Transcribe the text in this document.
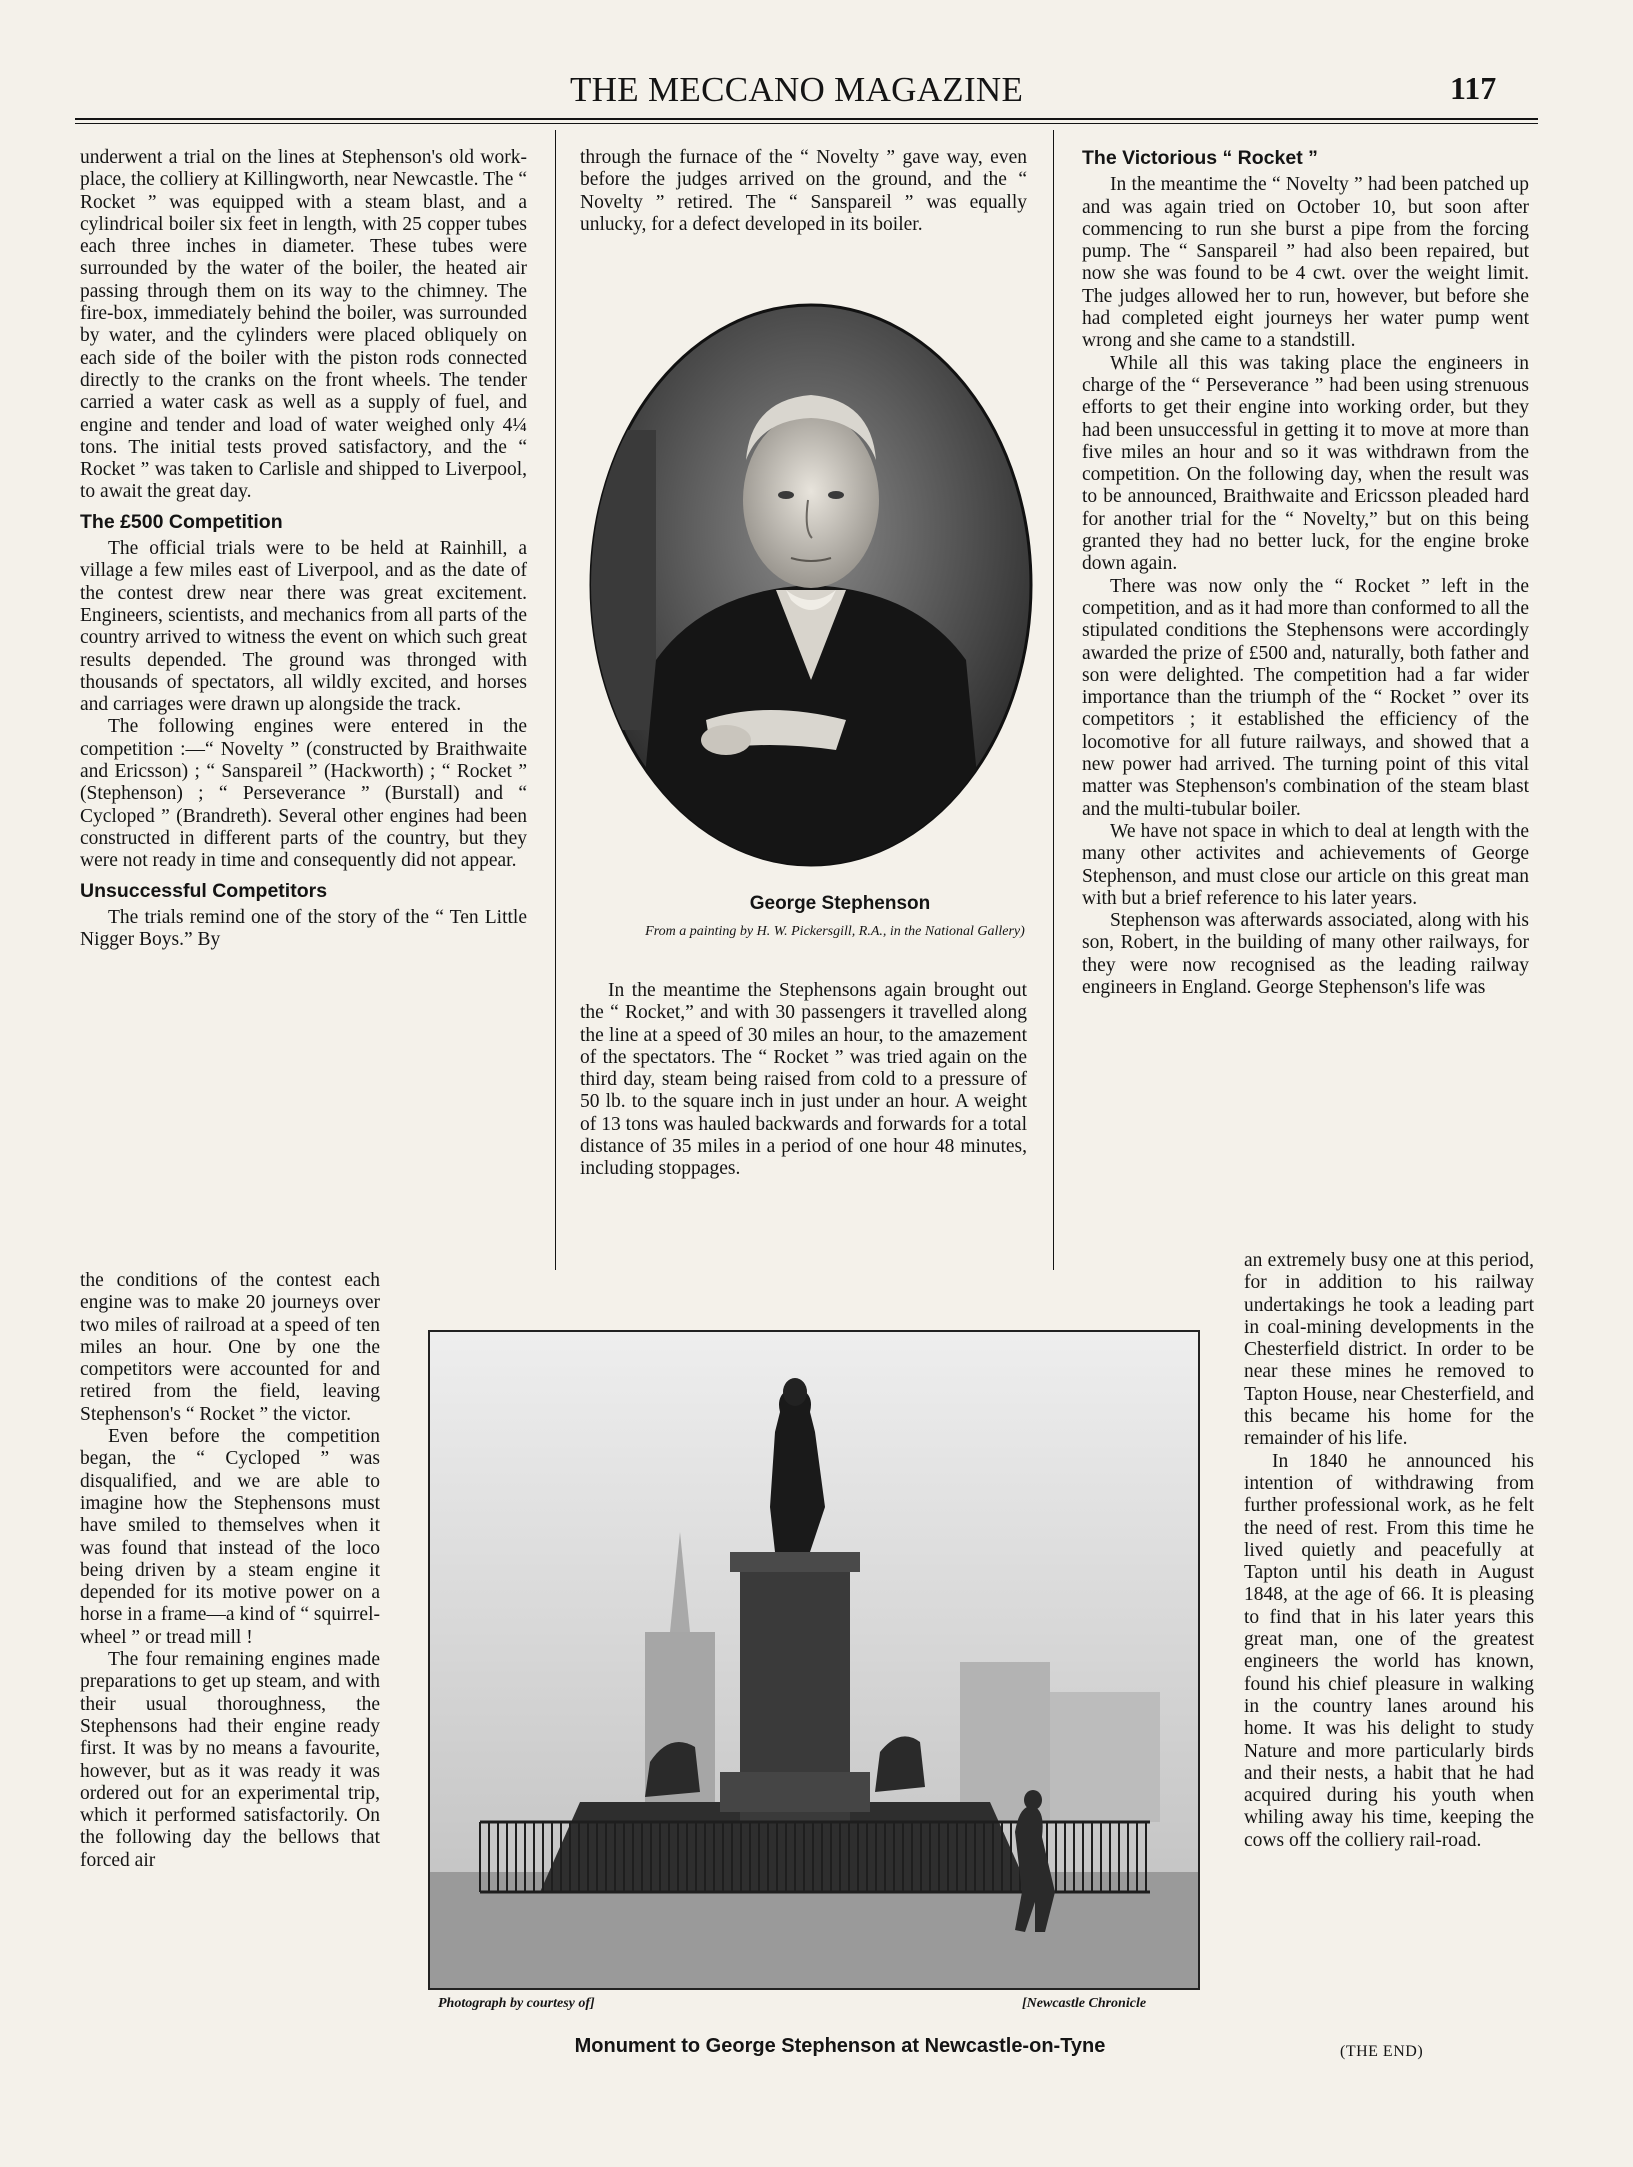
THE MECCANO MAGAZINE	117

underwent a trial on the lines at Stephenson's old work-place, the colliery at Killingworth, near Newcastle. The “ Rocket ” was equipped with a steam blast, and a cylindrical boiler six feet in length, with 25 copper tubes each three inches in diameter. These tubes were surrounded by the water of the boiler, the heated air passing through them on its way to the chimney. The fire-box, immediately behind the boiler, was surrounded by water, and the cylinders were placed obliquely on each side of the boiler with the piston rods connected directly to the cranks on the front wheels. The tender carried a water cask as well as a supply of fuel, and engine and tender and load of water weighed only 4¼ tons. The initial tests proved satisfactory, and the “ Rocket ” was taken to Carlisle and shipped to Liverpool, to await the great day.

The £500 Competition

The official trials were to be held at Rainhill, a village a few miles east of Liverpool, and as the date of the contest drew near there was great excitement. Engineers, scientists, and mechanics from all parts of the country arrived to witness the event on which such great results depended. The ground was thronged with thousands of spectators, all wildly excited, and horses and carriages were drawn up alongside the track.

The following engines were entered in the competition :—“ Novelty ” (constructed by Braithwaite and Ericsson) ; “ Sanspareil ” (Hackworth) ; “ Rocket ” (Stephenson) ; “ Perseverance ” (Burstall) and “ Cycloped ” (Brandreth). Several other engines had been constructed in different parts of the country, but they were not ready in time and consequently did not appear.

Unsuccessful Competitors

The trials remind one of the story of the “ Ten Little Nigger Boys.” By

the conditions of the contest each engine was to make 20 journeys over two miles of railroad at a speed of ten miles an hour. One by one the competitors were accounted for and retired from the field, leaving Stephenson's “ Rocket ” the victor.

Even before the competition began, the “ Cycloped ” was disqualified, and we are able to imagine how the Stephensons must have smiled to themselves when it was found that instead of the loco being driven by a steam engine it depended for its motive power on a horse in a frame—a kind of “ squirrel-wheel ” or tread mill !

The four remaining engines made preparations to get up steam, and with their usual thoroughness, the Stephensons had their engine ready first. It was by no means a favourite, however, but as it was ready it was ordered out for an experimental trip, which it performed satisfactorily. On the following day the bellows that forced air

through the furnace of the “ Novelty ” gave way, even before the judges arrived on the ground, and the “ Novelty ” retired. The “ Sanspareil ” was equally unlucky, for a defect developed in its boiler.

George Stephenson
From a painting by H. W. Pickersgill, R.A., in the National Gallery)

In the meantime the Stephensons again brought out the “ Rocket,” and with 30 passengers it travelled along the line at a speed of 30 miles an hour, to the amazement of the spectators. The “ Rocket ” was tried again on the third day, steam being raised from cold to a pressure of 50 lb. to the square inch in just under an hour. A weight of 13 tons was hauled backwards and forwards for a total distance of 35 miles in a period of one hour 48 minutes, including stoppages.

The Victorious “ Rocket ”

In the meantime the “ Novelty ” had been patched up and was again tried on October 10, but soon after commencing to run she burst a pipe from the forcing pump. The “ Sanspareil ” had also been repaired, but now she was found to be 4 cwt. over the weight limit. The judges allowed her to run, however, but before she had completed eight journeys her water pump went wrong and she came to a standstill.

While all this was taking place the engineers in charge of the “ Perseverance ” had been using strenuous efforts to get their engine into working order, but they had been unsuccessful in getting it to move at more than five miles an hour and so it was withdrawn from the competition. On the following day, when the result was to be announced, Braithwaite and Ericsson pleaded hard for another trial for the “ Novelty,” but on this being granted they had no better luck, for the engine broke down again.

There was now only the “ Rocket ” left in the competition, and as it had more than conformed to all the stipulated conditions the Stephensons were accordingly awarded the prize of £500 and, naturally, both father and son were delighted. The competition had a far wider importance than the triumph of the “ Rocket ” over its competitors ; it established the efficiency of the locomotive for all future railways, and showed that a new power had arrived. The turning point of this vital matter was Stephenson's combination of the steam blast and the multi-tubular boiler.

We have not space in which to deal at length with the many other activites and achievements of George Stephenson, and must close our article on this great man with but a brief reference to his later years.

Stephenson was afterwards associated, along with his son, Robert, in the building of many other railways, for they were now recognised as the leading railway engineers in England. George Stephenson's life was

an extremely busy one at this period, for in addition to his railway undertakings he took a leading part in coal-mining developments in the Chesterfield district. In order to be near these mines he removed to Tapton House, near Chesterfield, and this became his home for the remainder of his life.

In 1840 he announced his intention of withdrawing from further professional work, as he felt the need of rest. From this time he lived quietly and peacefully at Tapton until his death in August 1848, at the age of 66. It is pleasing to find that in his later years this great man, one of the greatest engineers the world has known, found his chief pleasure in walking in the country lanes around his home. It was his delight to study Nature and more particularly birds and their nests, a habit that he had acquired during his youth when whiling away his time, keeping the cows off the colliery rail-road.

(THE END)
Photograph by courtesy of]	[Newcastle Chronicle
Monument to George Stephenson at Newcastle-on-Tyne
